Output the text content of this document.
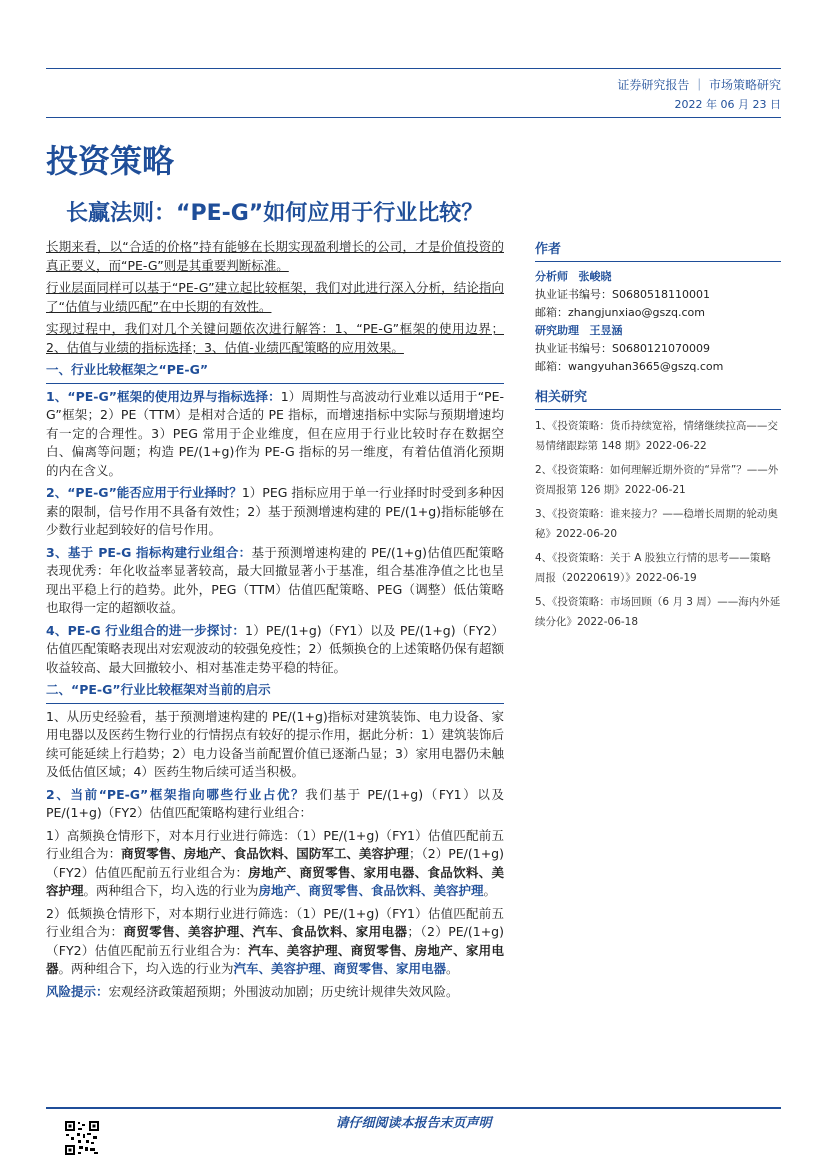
证券研究报告 ｜ 市场策略研究
2022 年 06 月 23 日
投资策略
长赢法则：“PE-G”如何应用于行业比较？

长期来看，以“合适的价格”持有能够在长期实现盈利增长的公司，才是价值投资的真正要义，而“PE-G”则是其重要判断标准。

行业层面同样可以基于“PE-G”建立起比较框架，我们对此进行深入分析，结论指向了“估值与业绩匹配”在中长期的有效性。

实现过程中，我们对几个关键问题依次进行解答：1、“PE-G”框架的使用边界；2、估值与业绩的指标选择；3、估值-业绩匹配策略的应用效果。

一、行业比较框架之“PE-G”

1、“PE-G”框架的使用边界与指标选择：1）周期性与高波动行业难以适用于“PE-G”框架；2）PE（TTM）是相对合适的 PE 指标，而增速指标中实际与预期增速均有一定的合理性。3）PEG 常用于企业维度，但在应用于行业比较时存在数据空白、偏离等问题；构造 PE/(1+g)作为 PE-G 指标的另一维度，有着估值消化预期的内在含义。

2、“PE-G”能否应用于行业择时？1）PEG 指标应用于单一行业择时时受到多种因素的限制，信号作用不具备有效性；2）基于预测增速构建的 PE/(1+g)指标能够在少数行业起到较好的信号作用。

3、基于 PE-G 指标构建行业组合：基于预测增速构建的 PE/(1+g)估值匹配策略表现优秀：年化收益率显著较高，最大回撤显著小于基准，组合基准净值之比也呈现出平稳上行的趋势。此外，PEG（TTM）估值匹配策略、PEG（调整）低估策略也取得一定的超额收益。

4、PE-G 行业组合的进一步探讨：1）PE/(1+g)（FY1）以及 PE/(1+g)（FY2）估值匹配策略表现出对宏观波动的较强免疫性；2）低频换仓的上述策略仍保有超额收益较高、最大回撤较小、相对基准走势平稳的特征。

二、“PE-G”行业比较框架对当前的启示

1、从历史经验看，基于预测增速构建的 PE/(1+g)指标对建筑装饰、电力设备、家用电器以及医药生物行业的行情拐点有较好的提示作用，据此分析：1）建筑装饰后续可能延续上行趋势；2）电力设备当前配置价值已逐渐凸显；3）家用电器仍未触及低估值区域；4）医药生物后续可适当积极。

2、当前“PE-G”框架指向哪些行业占优？我们基于 PE/(1+g)（FY1）以及 PE/(1+g)（FY2）估值匹配策略构建行业组合：

1）高频换仓情形下，对本月行业进行筛选：（1）PE/(1+g)（FY1）估值匹配前五行业组合为：商贸零售、房地产、食品饮料、国防军工、美容护理；（2）PE/(1+g)（FY2）估值匹配前五行业组合为：房地产、商贸零售、家用电器、食品饮料、美容护理。两种组合下，均入选的行业为房地产、商贸零售、食品饮料、美容护理。

2）低频换仓情形下，对本期行业进行筛选：（1）PE/(1+g)（FY1）估值匹配前五行业组合为：商贸零售、美容护理、汽车、食品饮料、家用电器；（2）PE/(1+g)（FY2）估值匹配前五行业组合为：汽车、美容护理、商贸零售、房地产、家用电器。两种组合下，均入选的行业为汽车、美容护理、商贸零售、家用电器。

风险提示：宏观经济政策超预期；外围波动加剧；历史统计规律失效风险。

作者
分析师 张峻晓
执业证书编号：S0680518110001
邮箱：zhangjunxiao@gszq.com
研究助理 王昱涵
执业证书编号：S0680121070009
邮箱：wangyuhan3665@gszq.com
相关研究
1、《投资策略：货币持续宽裕，情绪继续拉高——交易情绪跟踪第 148 期》2022-06-22
2、《投资策略：如何理解近期外资的“异常”？——外资周报第 126 期》2022-06-21
3、《投资策略：谁来接力？——稳增长周期的轮动奥秘》2022-06-20
4、《投资策略：关于 A 股独立行情的思考——策略周报（20220619）》2022-06-19
5、《投资策略：市场回顾（6 月 3 周）——海内外延续分化》2022-06-18
请仔细阅读本报告末页声明
